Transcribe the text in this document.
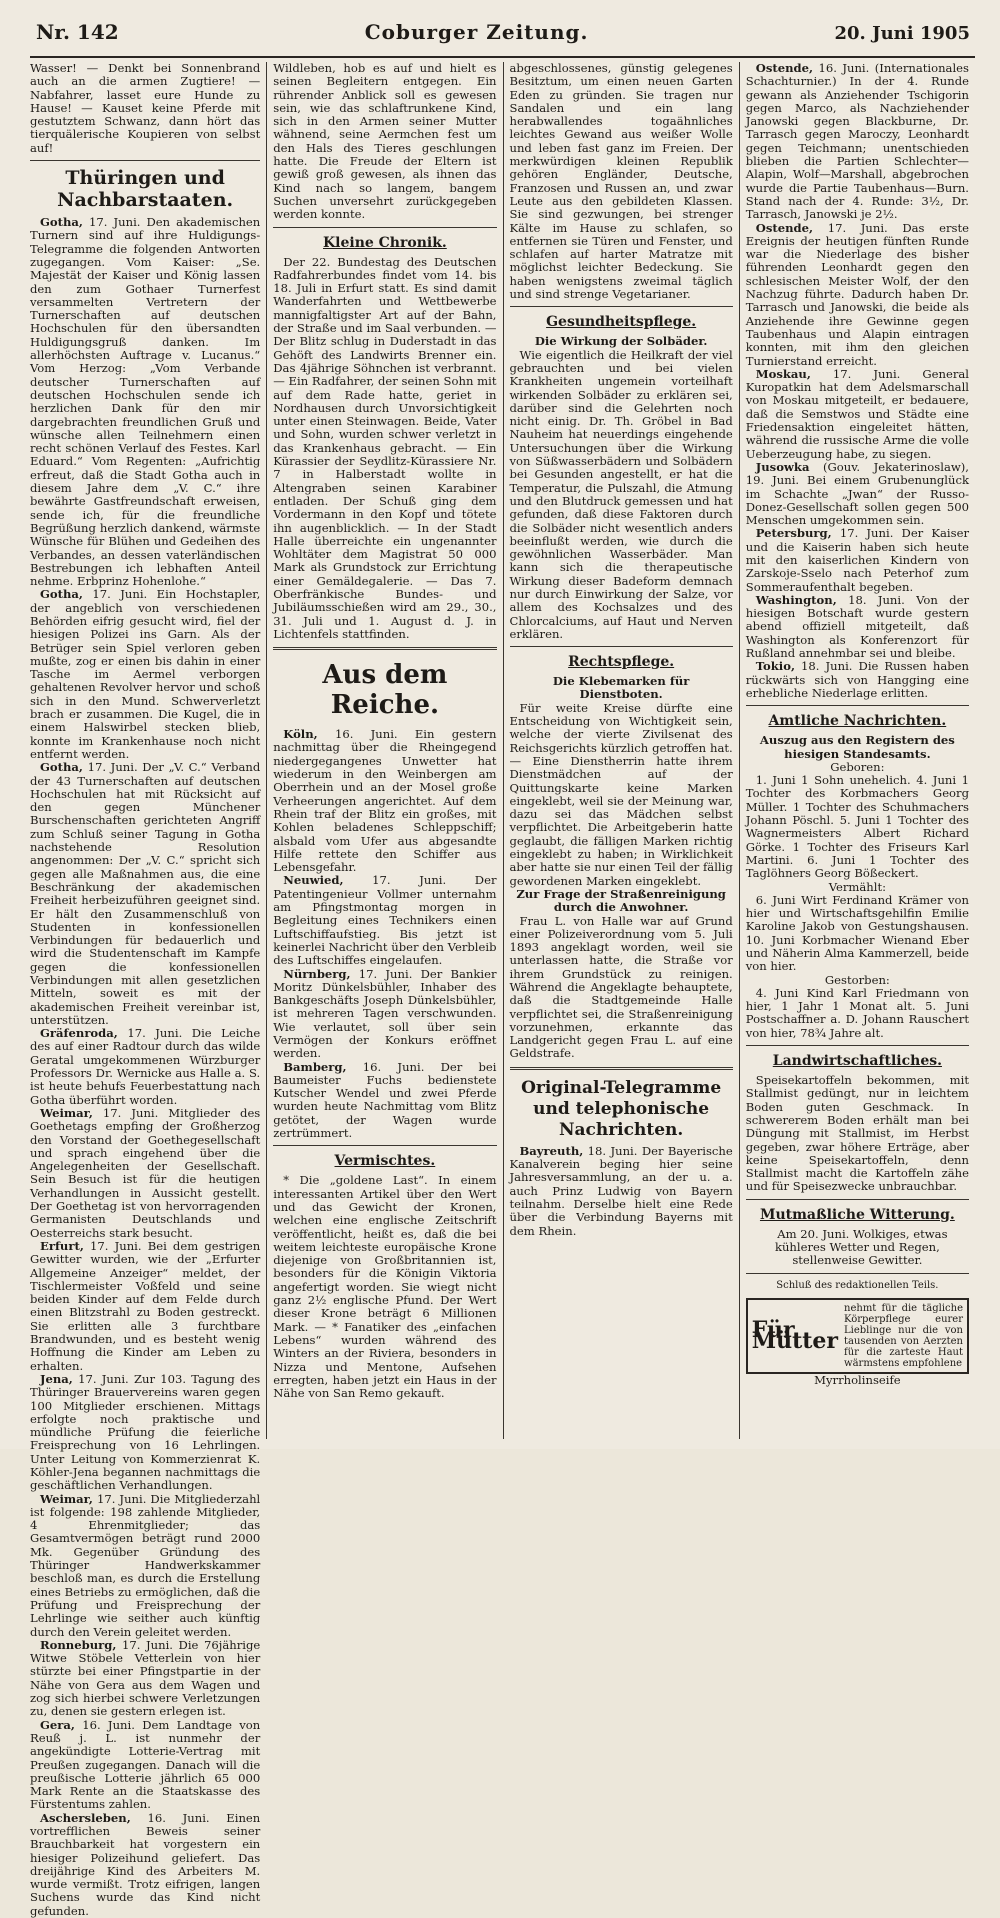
Nr. 142	Coburger Zeitung.	20. Juni 1905

Wasser! — Denkt bei Sonnenbrand auch an die armen Zugtiere! — Nabfahrer, lasset eure Hunde zu Hause! — Kauset keine Pferde mit gestutztem Schwanz, dann hört das tierquälerische Koupieren von selbst auf!

Thüringen und Nachbarstaaten.

Gotha, 17. Juni. Den akademischen Turnern sind auf ihre Huldigungs-Telegramme die folgenden Antworten zugegangen. Vom Kaiser: „Se. Majestät der Kaiser und König lassen den zum Gothaer Turnerfest versammelten Vertretern der Turnerschaften auf deutschen Hochschulen für den übersandten Huldigungsgruß danken. Im allerhöchsten Auftrage v. Lucanus.“ Vom Herzog: „Vom Verbande deutscher Turnerschaften auf deutschen Hochschulen sende ich herzlichen Dank für den mir dargebrachten freundlichen Gruß und wünsche allen Teilnehmern einen recht schönen Verlauf des Festes. Karl Eduard.“ Vom Regenten: „Aufrichtig erfreut, daß die Stadt Gotha auch in diesem Jahre dem „V. C.“ ihre bewährte Gastfreundschaft erweisen, sende ich, für die freundliche Begrüßung herzlich dankend, wärmste Wünsche für Blühen und Gedeihen des Verbandes, an dessen vaterländischen Bestrebungen ich lebhaften Anteil nehme. Erbprinz Hohenlohe.“

Gotha, 17. Juni. Ein Hochstapler, der angeblich von verschiedenen Behörden eifrig gesucht wird, fiel der hiesigen Polizei ins Garn. Als der Betrüger sein Spiel verloren geben mußte, zog er einen bis dahin in einer Tasche im Aermel verborgen gehaltenen Revolver hervor und schoß sich in den Mund. Schwerverletzt brach er zusammen. Die Kugel, die in einem Halswirbel stecken blieb, konnte im Krankenhause noch nicht entfernt werden.

Gotha, 17. Juni. Der „V. C.“ Verband der 43 Turnerschaften auf deutschen Hochschulen hat mit Rücksicht auf den gegen Münchener Burschenschaften gerichteten Angriff zum Schluß seiner Tagung in Gotha nachstehende Resolution angenommen: Der „V. C.“ spricht sich gegen alle Maßnahmen aus, die eine Beschränkung der akademischen Freiheit herbeizuführen geeignet sind. Er hält den Zusammenschluß von Studenten in konfessionellen Verbindungen für bedauerlich und wird die Studentenschaft im Kampfe gegen die konfessionellen Verbindungen mit allen gesetzlichen Mitteln, soweit es mit der akademischen Freiheit vereinbar ist, unterstützen.

Gräfenroda, 17. Juni. Die Leiche des auf einer Radtour durch das wilde Geratal umgekommenen Würzburger Professors Dr. Wernicke aus Halle a. S. ist heute behufs Feuerbestattung nach Gotha überführt worden.

Weimar, 17. Juni. Mitglieder des Goethetags empfing der Großherzog den Vorstand der Goethegesellschaft und sprach eingehend über die Angelegenheiten der Gesellschaft. Sein Besuch ist für die heutigen Verhandlungen in Aussicht gestellt. Der Goethetag ist von hervorragenden Germanisten Deutschlands und Oesterreichs stark besucht.

Erfurt, 17. Juni. Bei dem gestrigen Gewitter wurden, wie der „Erfurter Allgemeine Anzeiger“ meldet, der Tischlermeister Voßfeld und seine beiden Kinder auf dem Felde durch einen Blitzstrahl zu Boden gestreckt. Sie erlitten alle 3 furchtbare Brandwunden, und es besteht wenig Hoffnung die Kinder am Leben zu erhalten.

Jena, 17. Juni. Zur 103. Tagung des Thüringer Brauervereins waren gegen 100 Mitglieder erschienen. Mittags erfolgte noch praktische und mündliche Prüfung die feierliche Freisprechung von 16 Lehrlingen. Unter Leitung von Kommerzienrat K. Köhler-Jena begannen nachmittags die geschäftlichen Verhandlungen.

Weimar, 17. Juni. Die Mitgliederzahl ist folgende: 198 zahlende Mitglieder, 4 Ehrenmitglieder; das Gesamtvermögen beträgt rund 2000 Mk. Gegenüber Gründung des Thüringer Handwerkskammer beschloß man, es durch die Erstellung eines Betriebs zu ermöglichen, daß die Prüfung und Freisprechung der Lehrlinge wie seither auch künftig durch den Verein geleitet werden.

Ronneburg, 17. Juni. Die 76jährige Witwe Stöbele Vetterlein von hier stürzte bei einer Pfingstpartie in der Nähe von Gera aus dem Wagen und zog sich hierbei schwere Verletzungen zu, denen sie gestern erlegen ist.

Gera, 16. Juni. Dem Landtage von Reuß j. L. ist nunmehr der angekündigte Lotterie-Vertrag mit Preußen zugegangen. Danach will die preußische Lotterie jährlich 65 000 Mark Rente an die Staatskasse des Fürstentums zahlen.

Aschersleben, 16. Juni. Einen vortrefflichen Beweis seiner Brauchbarkeit hat vorgestern ein hiesiger Polizeihund geliefert. Das dreijährige Kind des Arbeiters M. wurde vermißt. Trotz eifrigen, langen Suchens wurde das Kind nicht gefunden.

Wildleben, hob es auf und hielt es seinen Begleitern entgegen. Ein rührender Anblick soll es gewesen sein, wie das schlaftrunkene Kind, sich in den Armen seiner Mutter wähnend, seine Aermchen fest um den Hals des Tieres geschlungen hatte. Die Freude der Eltern ist gewiß groß gewesen, als ihnen das Kind nach so langem, bangem Suchen unversehrt zurückgegeben werden konnte.

Kleine Chronik.

Der 22. Bundestag des Deutschen Radfahrerbundes findet vom 14. bis 18. Juli in Erfurt statt. Es sind damit Wanderfahrten und Wettbewerbe mannigfaltigster Art auf der Bahn, der Straße und im Saal verbunden. — Der Blitz schlug in Duderstadt in das Gehöft des Landwirts Brenner ein. Das 4jährige Söhnchen ist verbrannt. — Ein Radfahrer, der seinen Sohn mit auf dem Rade hatte, geriet in Nordhausen durch Unvorsichtigkeit unter einen Steinwagen. Beide, Vater und Sohn, wurden schwer verletzt in das Krankenhaus gebracht. — Ein Kürassier der Seydlitz-Kürassiere Nr. 7 in Halberstadt wollte in Altengraben seinen Karabiner entladen. Der Schuß ging dem Vordermann in den Kopf und tötete ihn augenblicklich. — In der Stadt Halle überreichte ein ungenannter Wohltäter dem Magistrat 50 000 Mark als Grundstock zur Errichtung einer Gemäldegalerie. — Das 7. Oberfränkische Bundes- und Jubiläumsschießen wird am 29., 30., 31. Juli und 1. August d. J. in Lichtenfels stattfinden.

Aus dem Reiche.

Köln, 16. Juni. Ein gestern nachmittag über die Rheingegend niedergegangenes Unwetter hat wiederum in den Weinbergen am Oberrhein und an der Mosel große Verheerungen angerichtet. Auf dem Rhein traf der Blitz ein großes, mit Kohlen beladenes Schleppschiff; alsbald vom Ufer aus abgesandte Hilfe rettete den Schiffer aus Lebensgefahr.

Neuwied, 17. Juni. Der Patentingenieur Vollmer unternahm am Pfingstmontag morgen in Begleitung eines Technikers einen Luftschiffaufstieg. Bis jetzt ist keinerlei Nachricht über den Verbleib des Luftschiffes eingelaufen.

Nürnberg, 17. Juni. Der Bankier Moritz Dünkelsbühler, Inhaber des Bankgeschäfts Joseph Dünkelsbühler, ist mehreren Tagen verschwunden. Wie verlautet, soll über sein Vermögen der Konkurs eröffnet werden.

Bamberg, 16. Juni. Der bei Baumeister Fuchs bedienstete Kutscher Wendel und zwei Pferde wurden heute Nachmittag vom Blitz getötet, der Wagen wurde zertrümmert.

Vermischtes.

* Die „goldene Last“. In einem interessanten Artikel über den Wert und das Gewicht der Kronen, welchen eine englische Zeitschrift veröffentlicht, heißt es, daß die bei weitem leichteste europäische Krone diejenige von Großbritannien ist, besonders für die Königin Viktoria angefertigt worden. Sie wiegt nicht ganz 2½ englische Pfund. Der Wert dieser Krone beträgt 6 Millionen Mark. — * Fanatiker des „einfachen Lebens“ wurden während des Winters an der Riviera, besonders in Nizza und Mentone, Aufsehen erregten, haben jetzt ein Haus in der Nähe von San Remo gekauft.

abgeschlossenes, günstig gelegenes Besitztum, um einen neuen Garten Eden zu gründen. Sie tragen nur Sandalen und ein lang herabwallendes togaähnliches leichtes Gewand aus weißer Wolle und leben fast ganz im Freien. Der merkwürdigen kleinen Republik gehören Engländer, Deutsche, Franzosen und Russen an, und zwar Leute aus den gebildeten Klassen. Sie sind gezwungen, bei strenger Kälte im Hause zu schlafen, so entfernen sie Türen und Fenster, und schlafen auf harter Matratze mit möglichst leichter Bedeckung. Sie haben wenigstens zweimal täglich und sind strenge Vegetarianer.

Gesundheitspflege.

Die Wirkung der Solbäder.

Wie eigentlich die Heilkraft der viel gebrauchten und bei vielen Krankheiten ungemein vorteilhaft wirkenden Solbäder zu erklären sei, darüber sind die Gelehrten noch nicht einig. Dr. Th. Gröbel in Bad Nauheim hat neuerdings eingehende Untersuchungen über die Wirkung von Süßwasserbädern und Solbädern bei Gesunden angestellt, er hat die Temperatur, die Pulszahl, die Atmung und den Blutdruck gemessen und hat gefunden, daß diese Faktoren durch die Solbäder nicht wesentlich anders beeinflußt werden, wie durch die gewöhnlichen Wasserbäder. Man kann sich die therapeutische Wirkung dieser Badeform demnach nur durch Einwirkung der Salze, vor allem des Kochsalzes und des Chlorcalciums, auf Haut und Nerven erklären.

Rechtspflege.

Die Klebemarken für Dienstboten.

Für weite Kreise dürfte eine Entscheidung von Wichtigkeit sein, welche der vierte Zivilsenat des Reichsgerichts kürzlich getroffen hat. — Eine Dienstherrin hatte ihrem Dienstmädchen auf der Quittungskarte keine Marken eingeklebt, weil sie der Meinung war, dazu sei das Mädchen selbst verpflichtet. Die Arbeitgeberin hatte geglaubt, die fälligen Marken richtig eingeklebt zu haben; in Wirklichkeit aber hatte sie nur einen Teil der fällig gewordenen Marken eingeklebt.

Zur Frage der Straßenreinigung durch die Anwohner.

Frau L. von Halle war auf Grund einer Polizeiverordnung vom 5. Juli 1893 angeklagt worden, weil sie unterlassen hatte, die Straße vor ihrem Grundstück zu reinigen. Während die Angeklagte behauptete, daß die Stadtgemeinde Halle verpflichtet sei, die Straßenreinigung vorzunehmen, erkannte das Landgericht gegen Frau L. auf eine Geldstrafe.

Original-Telegramme und telephonische Nachrichten.

Bayreuth, 18. Juni. Der Bayerische Kanalverein beging hier seine Jahresversammlung, an der u. a. auch Prinz Ludwig von Bayern teilnahm. Derselbe hielt eine Rede über die Verbindung Bayerns mit dem Rhein.

Ostende, 16. Juni. (Internationales Schachturnier.) In der 4. Runde gewann als Anziehender Tschigorin gegen Marco, als Nachziehender Janowski gegen Blackburne, Dr. Tarrasch gegen Maroczy, Leonhardt gegen Teichmann; unentschieden blieben die Partien Schlechter—Alapin, Wolf—Marshall, abgebrochen wurde die Partie Taubenhaus—Burn. Stand nach der 4. Runde: 3½, Dr. Tarrasch, Janowski je 2½.

Ostende, 17. Juni. Das erste Ereignis der heutigen fünften Runde war die Niederlage des bisher führenden Leonhardt gegen den schlesischen Meister Wolf, der den Nachzug führte. Dadurch haben Dr. Tarrasch und Janowski, die beide als Anziehende ihre Gewinne gegen Taubenhaus und Alapin eintragen konnten, mit ihm den gleichen Turnierstand erreicht.

Moskau, 17. Juni. General Kuropatkin hat dem Adelsmarschall von Moskau mitgeteilt, er bedauere, daß die Semstwos und Städte eine Friedensaktion eingeleitet hätten, während die russische Arme die volle Ueberzeugung habe, zu siegen.

Jusowka (Gouv. Jekaterinoslaw), 19. Juni. Bei einem Grubenunglück im Schachte „Jwan“ der Russo-Donez-Gesellschaft sollen gegen 500 Menschen umgekommen sein.

Petersburg, 17. Juni. Der Kaiser und die Kaiserin haben sich heute mit den kaiserlichen Kindern von Zarskoje-Sselo nach Peterhof zum Sommeraufenthalt begeben.

Washington, 18. Juni. Von der hiesigen Botschaft wurde gestern abend offiziell mitgeteilt, daß Washington als Konferenzort für Rußland annehmbar sei und bleibe.

Tokio, 18. Juni. Die Russen haben rückwärts sich von Hangging eine erhebliche Niederlage erlitten.

Amtliche Nachrichten.

Auszug aus den Registern des hiesigen Standesamts.

Geboren:

1. Juni 1 Sohn unehelich. 4. Juni 1 Tochter des Korbmachers Georg Müller. 1 Tochter des Schuhmachers Johann Pöschl. 5. Juni 1 Tochter des Wagnermeisters Albert Richard Görke. 1 Tochter des Friseurs Karl Martini. 6. Juni 1 Tochter des Taglöhners Georg Bößeckert.

Vermählt:

6. Juni Wirt Ferdinand Krämer von hier und Wirtschaftsgehilfin Emilie Karoline Jakob von Gestungshausen. 10. Juni Korbmacher Wienand Eber und Näherin Alma Kammerzell, beide von hier.

Gestorben:

4. Juni Kind Karl Friedmann von hier, 1 Jahr 1 Monat alt. 5. Juni Postschaffner a. D. Johann Rauschert von hier, 78¾ Jahre alt.

Landwirtschaftliches.

Speisekartoffeln bekommen, mit Stallmist gedüngt, nur in leichtem Boden guten Geschmack. In schwererem Boden erhält man bei Düngung mit Stallmist, im Herbst gegeben, zwar höhere Erträge, aber keine Speisekartoffeln, denn Stallmist macht die Kartoffeln zähe und für Speisezwecke unbrauchbar.

Mutmaßliche Witterung.

Am 20. Juni. Wolkiges, etwas kühleres Wetter und Regen, stellenweise Gewitter.

Schluß des redaktionellen Teils.

Für Mütter
nehmt für die tägliche Körperpflege eurer Lieblinge nur die von tausenden von Aerzten für die zarteste Haut wärmstens empfohlene
Myrrholinseife
